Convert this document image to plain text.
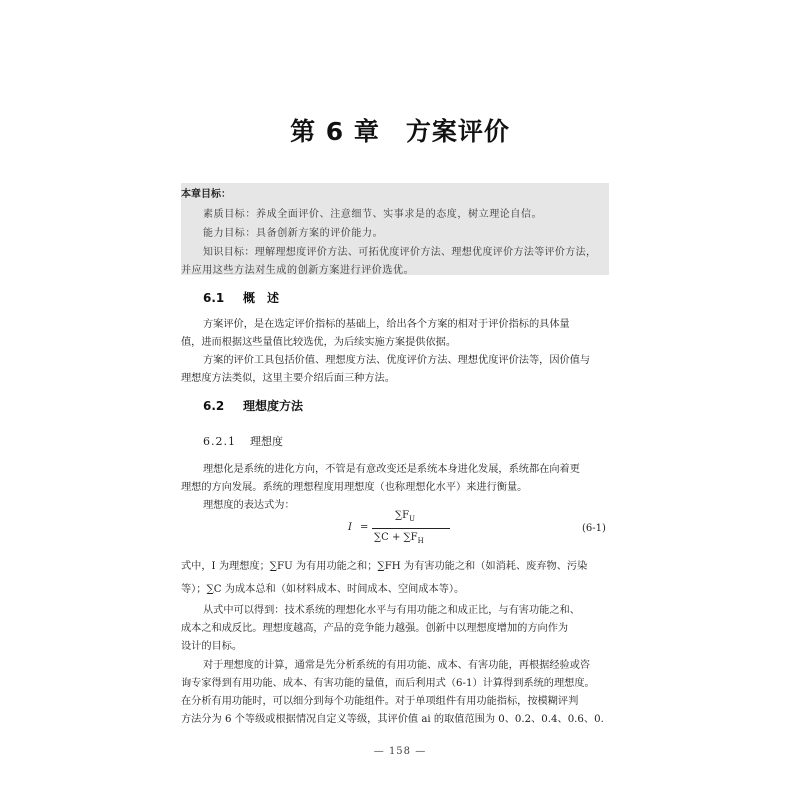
第 6 章 方案评价
本章目标：
素质目标：养成全面评价、注意细节、实事求是的态度，树立理论自信。
能力目标：具备创新方案的评价能力。
知识目标：理解理想度评价方法、可拓优度评价方法、理想优度评价方法等评价方法，
并应用这些方法对生成的创新方案进行评价选优。
6.1 概　述
方案评价，是在选定评价指标的基础上，给出各个方案的相对于评价指标的具体量
值，进而根据这些量值比较选优，为后续实施方案提供依据。
方案的评价工具包括价值、理想度方法、优度评价方法、理想优度评价法等，因价值与
理想度方法类似，这里主要介绍后面三种方法。
6.2 理想度方法
6.2.1 理想度
理想化是系统的进化方向，不管是有意改变还是系统本身进化发展，系统都在向着更
理想的方向发展。系统的理想程度用理想度（也称理想化水平）来进行衡量。
理想度的表达式为：
I =
$\sum F_U$
$\sum C + \sum F_H$
(6-1)
式中，I 为理想度；∑FU 为有用功能之和；∑FH 为有害功能之和（如消耗、废弃物、污染
等）；∑C 为成本总和（如材料成本、时间成本、空间成本等）。
从式中可以得到：技术系统的理想化水平与有用功能之和成正比，与有害功能之和、
成本之和成反比。理想度越高，产品的竞争能力越强。创新中以理想度增加的方向作为
设计的目标。
对于理想度的计算，通常是先分析系统的有用功能、成本、有害功能，再根据经验或咨
询专家得到有用功能、成本、有害功能的量值，而后利用式（6-1）计算得到系统的理想度。
在分析有用功能时，可以细分到每个功能组件。对于单项组件有用功能指标，按模糊评判
方法分为 6 个等级或根据情况自定义等级，其评价值 ai 的取值范围为 0、0.2、0.4、0.6、0.
— 158 —
